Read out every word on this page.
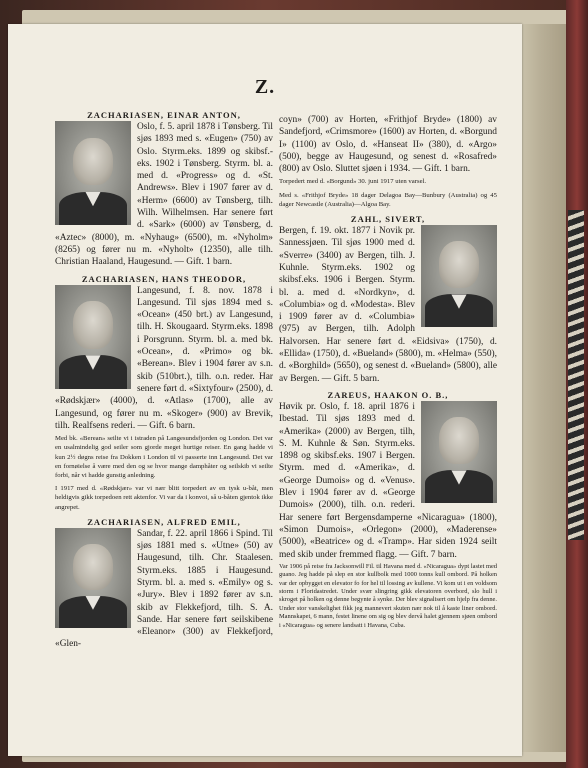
Z.
ZACHARIASEN, EINAR ANTON,

Oslo, f. 5. april 1878 i Tønsberg. Til sjøs 1893 med s. «Eugen» (750) av Oslo. Styrm.eks. 1899 og skibsf.-eks. 1902 i Tønsberg. Styrm. bl. a. med d. «Progress» og d. «St. Andrews». Blev i 1907 fører av d. «Herm» (6600) av Tønsberg, tilh. Wilh. Wilhelmsen. Har senere ført d. «Sark» (6000) av Tønsberg, d. «Aztec» (8000), m. «Nyhaug» (6500), m. «Nyholm» (8265) og fører nu m. «Nyholt» (12350), alle tilh. Christian Haaland, Haugesund. — Gift. 1 barn.

ZACHARIASEN, HANS THEODOR,

Langesund, f. 8. nov. 1878 i Langesund. Til sjøs 1894 med s. «Ocean» (450 brt.) av Langesund, tilh. H. Skougaard. Styrm.eks. 1898 i Porsgrunn. Styrm. bl. a. med bk. «Ocean», d. «Primo» og bk. «Berean». Blev i 1904 fører av s.n. skib (510brt.), tilh. o.n. reder. Har senere ført d. «Sixtyfour» (2500), d. «Rødskjær» (4000), d. «Atlas» (1700), alle av Langesund, og fører nu m. «Skoger» (900) av Brevik, tilh. Realfsens rederi. — Gift. 6 barn.

Med bk. «Berean» seilte vi i istraden på Langesundsfjorden og London. Det var en usalmindelig god seiler som gjorde meget hurtige reiser. En gang hadde vi kun 2½ døgns reise fra Dokken i London til vi passerte inn Langesund. Det var en fornøielse å være med den og se hvor mange damphåter og seilskib vi seilte forbi, når vi hadde gunstig anledning.

I 1917 med d. «Rødskjær» var vi nær blitt torpedert av en tysk u-båt, men heldigvis gikk torpedoen rett aktenfor. Vi var da i konvoi, så u-båten gjentok ikke angrepet.

ZACHARIASEN, ALFRED EMIL,

Sandar, f. 22. april 1866 i Spind. Til sjøs 1881 med s. «Utne» (50) av Haugesund, tilh. Chr. Staalesen. Styrm.eks. 1885 i Haugesund. Styrm. bl. a. med s. «Emily» og s. «Jury». Blev i 1892 fører av s.n. skib av Flekkefjord, tilh. S. A. Sande. Har senere ført seilskibene «Eleanor» (300) av Flekkefjord, «Glen-

coyn» (700) av Horten, «Frithjof Bryde» (1800) av Sandefjord, «Crimsmore» (1600) av Horten, d. «Borgund I» (1100) av Oslo, d. «Hanseat II» (380), d. «Argo» (500), begge av Haugesund, og senest d. «Rosafred» (800) av Oslo. Sluttet sjøen i 1934. — Gift. 1 barn.

Torpedert med d. «Borgund» 30. juni 1917 uten varsel.

Med s. «Frithjof Bryde» 18 dager Delagoa Bay—Bunbury (Australia) og 45 dager Newcastle (Australia)—Algoa Bay.

ZAHL, SIVERT,

Bergen, f. 19. okt. 1877 i Novik pr. Sannessjøen. Til sjøs 1900 med d. «Sverre» (3400) av Bergen, tilh. J. Kuhnle. Styrm.eks. 1902 og skibsf.eks. 1906 i Bergen. Styrm. bl. a. med d. «Nordkyn», d. «Columbia» og d. «Modesta». Blev i 1909 fører av d. «Columbia» (975) av Bergen, tilh. Adolph Halvorsen. Har senere ført d. «Eidsiva» (1750), d. «Ellida» (1750), d. «Bueland» (5800), m. «Helma» (550), d. «Borghild» (5650), og senest d. «Bueland» (5800), alle av Bergen. — Gift. 5 barn.

ZAREUS, HAAKON O. B.,

Høvik pr. Oslo, f. 18. april 1876 i Ibestad. Til sjøs 1893 med d. «Amerika» (2000) av Bergen, tilh, S. M. Kuhnle & Søn. Styrm.eks. 1898 og skibsf.eks. 1907 i Bergen. Styrm. med d. «Amerika», d. «George Dumois» og d. «Venus». Blev i 1904 fører av d. «George Dumois» (2000), tilh. o.n. rederi. Har senere ført Bergensdamperne «Nicaragua» (1800), «Simon Dumois», «Orlegon» (2000), «Maderense» (5000), «Beatrice» og d. «Tramp». Har siden 1924 seilt med skib under fremmed flagg. — Gift. 7 barn.

Var 1906 på reise fra Jacksonwill Fil. til Havana med d. «Nicaragua» dypt lastet med guano. Jeg hadde på slep en stor kullbolk med 1000 tonns kull ombord. På holken var der opbygget en elevator fo for hel til lossing av kullene. Vi kom ut i en voldsom storm i Floridastredet. Under svær slingring gikk elevatoren overbord, slo hull i skroget på holken og denne begynte å synke. Der blev signalisert om hjelp fra denne. Under stor vanskelighet fikk jeg mannevert skuten nær nok til å kaste liner ombord. Mannskapet, 6 mann, festet linene om sig og blev dervå halet gjennem sjøen ombord i «Nicaragua» og senere landsatt i Havana, Cuba.
